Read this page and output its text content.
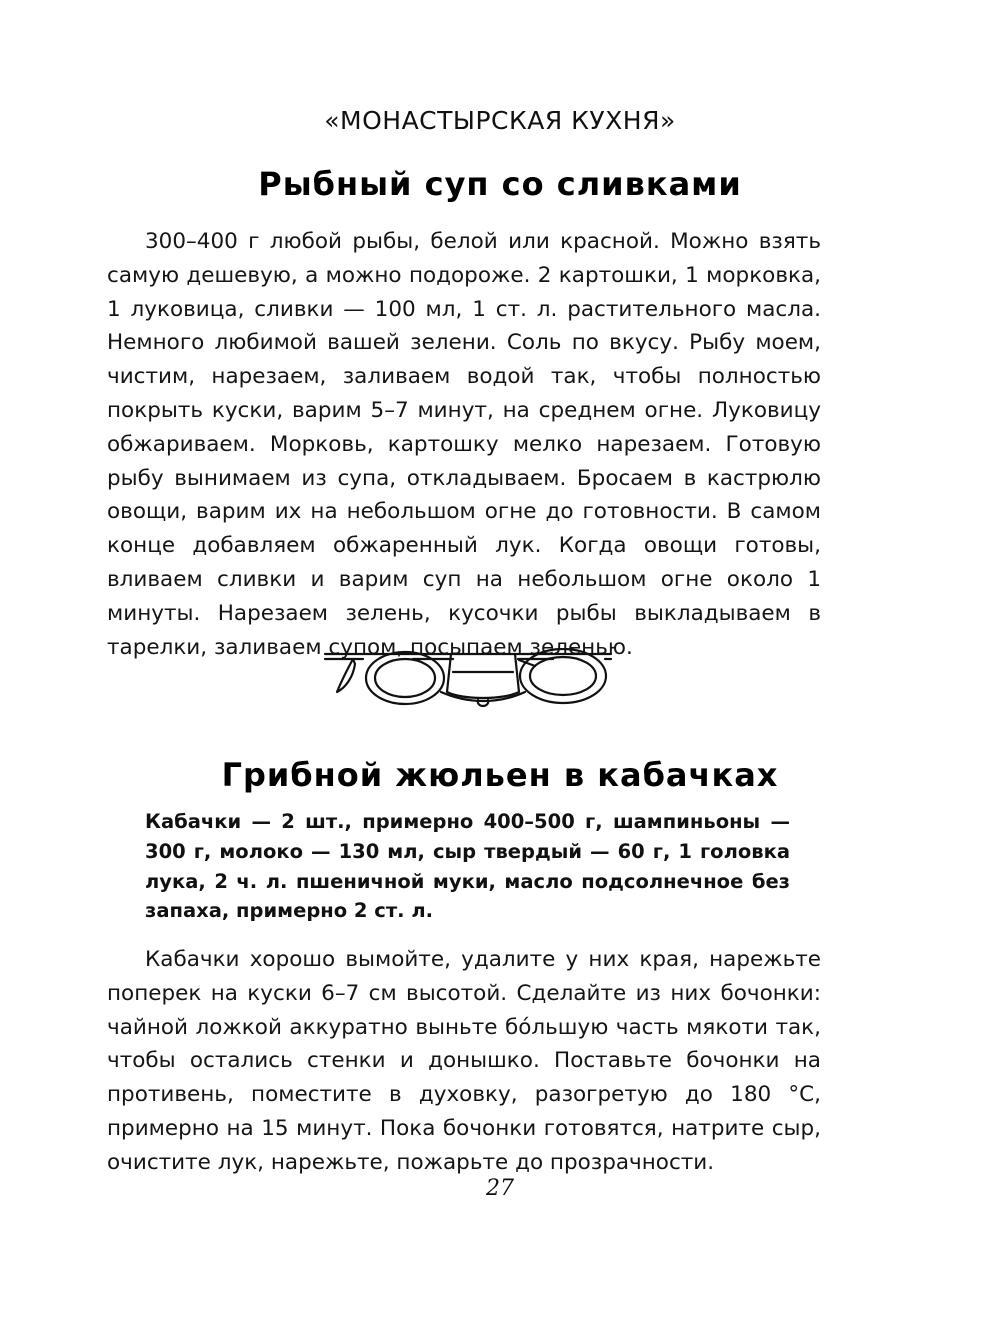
«МОНАСТЫРСКАЯ КУХНЯ»
Рыбный суп со сливками

300–400 г любой рыбы, белой или красной. Можно взять самую дешевую, а можно подороже. 2 картошки, 1 морковка, 1 луковица, сливки — 100 мл, 1 ст. л. растительного масла. Немного любимой вашей зелени. Соль по вкусу. Рыбу моем, чистим, нарезаем, заливаем водой так, чтобы полностью покрыть куски, варим 5–7 минут, на среднем огне. Луковицу обжариваем. Морковь, картошку мелко нарезаем. Готовую рыбу вынимаем из супа, откладываем. Бросаем в кастрюлю овощи, варим их на небольшом огне до готовности. В самом конце добавляем обжаренный лук. Когда овощи готовы, вливаем сливки и варим суп на небольшом огне около 1 минуты. Нарезаем зелень, кусочки рыбы выкладываем в тарелки, заливаем супом, посыпаем зеленью.

Грибной жюльен в кабачках

Кабачки — 2 шт., примерно 400–500 г, шампиньоны — 300 г, молоко — 130 мл, сыр твердый — 60 г, 1 головка лука, 2 ч. л. пшеничной муки, масло подсолнечное без запаха, примерно 2 ст. л.

Кабачки хорошо вымойте, удалите у них края, нарежьте поперек на куски 6–7 см высотой. Сделайте из них бочонки: чайной ложкой аккуратно выньте бóльшую часть мякоти так, чтобы остались стенки и донышко. Поставьте бочонки на противень, поместите в духовку, разогретую до 180 °С, примерно на 15 минут. Пока бочонки готовятся, натрите сыр, очистите лук, нарежьте, пожарьте до прозрачности.

27
